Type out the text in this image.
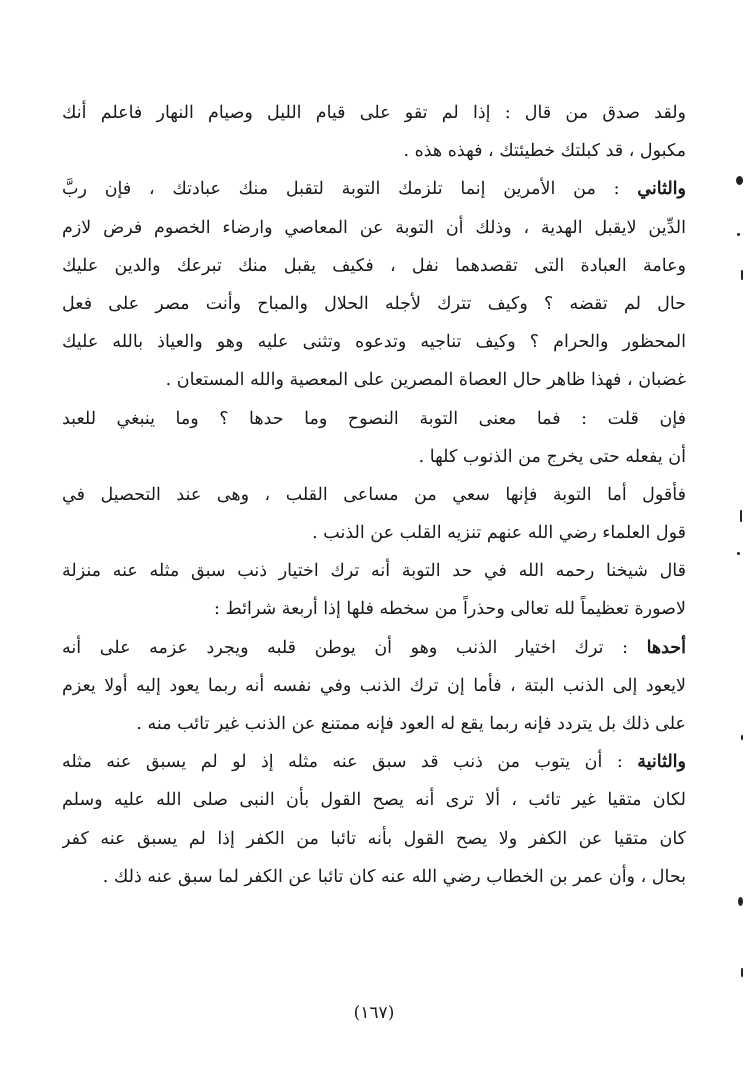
ولقد صدق من قال : إذا لم تقو على قيام الليل وصيام النهار فاعلم أنك
مكبول ، قد كبلتك خطيئتك ، فهذه هذه .
والثاني : من الأمرين إنما تلزمك التوبة لتقبل منك عبادتك ، فإن ربَّ
الدِّين لايقبل الهدية ، وذلك أن التوبة عن المعاصي وارضاء الخصوم فرض لازم
وعامة العبادة التى تقصدهما نفل ، فكيف يقبل منك تبرعك والدين عليك
حال لم تقضه ؟ وكيف تترك لأجله الحلال والمباح وأنت مصر على فعل
المحظور والحرام ؟ وكيف تناجيه وتدعوه وتثنى عليه وهو والعياذ بالله عليك
غضبان ، فهذا ظاهر حال العصاة المصرين على المعصية والله المستعان .
فإن قلت : فما معنى التوبة النصوح وما حدها ؟ وما ينبغي للعبد
أن يفعله حتى يخرج من الذنوب كلها .
فأقول أما التوبة فإنها سعي من مساعى القلب ، وهى عند التحصيل في
قول العلماء رضي الله عنهم تنزيه القلب عن الذنب .
قال شيخنا رحمه الله في حد التوبة أنه ترك اختيار ذنب سبق مثله عنه منزلة
لاصورة تعظيماً لله تعالى وحذراً من سخطه فلها إذا أربعة شرائط :
أحدها : ترك اختيار الذنب وهو أن يوطن قلبه ويجرد عزمه على أنه
لايعود إلى الذنب البتة ، فأما إن ترك الذنب وفي نفسه أنه ربما يعود إليه أولا يعزم
على ذلك بل يتردد فإنه ربما يقع له العود فإنه ممتنع عن الذنب غير تائب منه .
والثانية : أن يتوب من ذنب قد سبق عنه مثله إذ لو لم يسبق عنه مثله
لكان متقيا غير تائب ، ألا ترى أنه يصح القول بأن النبى صلى الله عليه وسلم
كان متقيا عن الكفر ولا يصح القول بأنه تائبا من الكفر إذا لم يسبق عنه كفر
بحال ، وأن عمر بن الخطاب رضي الله عنه كان تائبا عن الكفر لما سبق عنه ذلك .
(١٦٧)
